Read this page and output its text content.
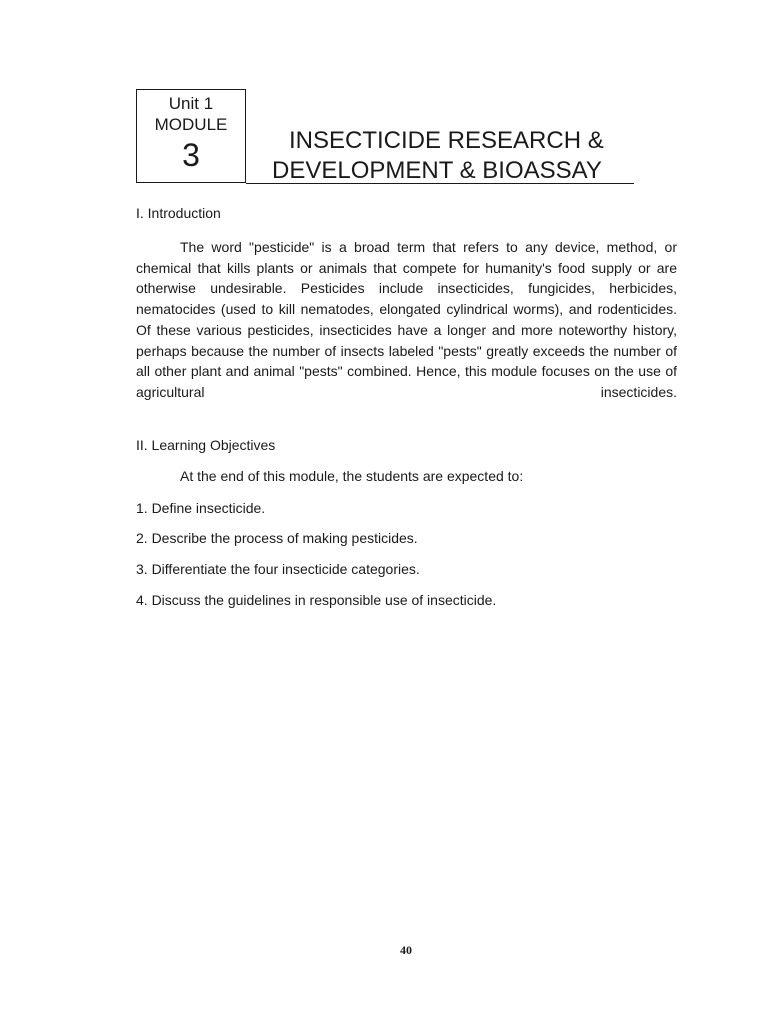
Unit 1
MODULE
3	INSECTICIDE RESEARCH &
DEVELOPMENT & BIOASSAY
I. Introduction

The word "pesticide" is a broad term that refers to any device, method, or chemical that kills plants or animals that compete for humanity's food supply or are otherwise undesirable. Pesticides include insecticides, fungicides, herbicides, nematocides (used to kill nematodes, elongated cylindrical worms), and rodenticides. Of these various pesticides, insecticides have a longer and more noteworthy history, perhaps because the number of insects labeled "pests" greatly exceeds the number of all other plant and animal "pests" combined. Hence, this module focuses on the use of agricultural insecticides.

II. Learning Objectives
At the end of this module, the students are expected to:
1. Define insecticide.
2. Describe the process of making pesticides.
3. Differentiate the four insecticide categories.
4. Discuss the guidelines in responsible use of insecticide.
40
